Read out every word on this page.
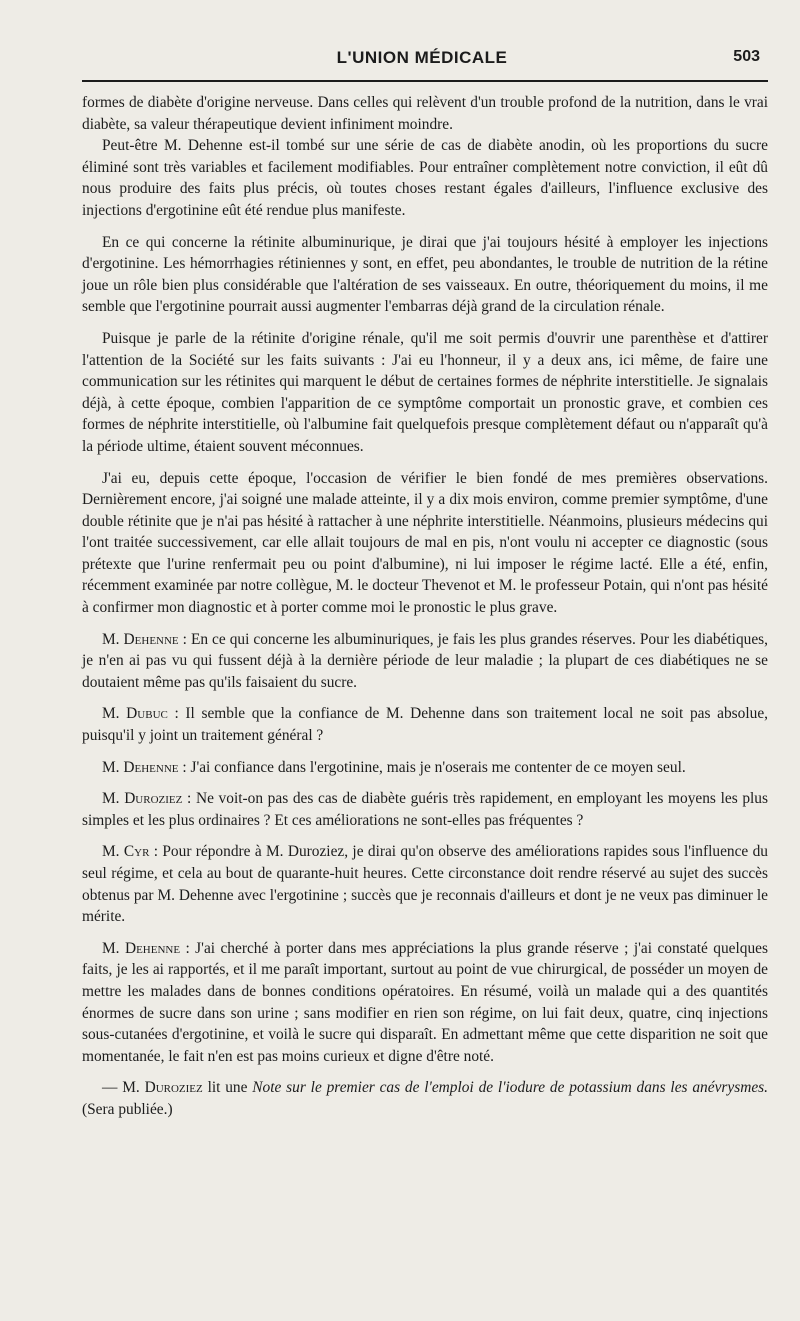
L'UNION MÉDICALE	503

formes de diabète d'origine nerveuse. Dans celles qui relèvent d'un trouble profond de la nutrition, dans le vrai diabète, sa valeur thérapeutique devient infiniment moindre.

Peut-être M. Dehenne est-il tombé sur une série de cas de diabète anodin, où les proportions du sucre éliminé sont très variables et facilement modifiables. Pour entraîner complètement notre conviction, il eût dû nous produire des faits plus précis, où toutes choses restant égales d'ailleurs, l'influence exclusive des injections d'ergotinine eût été rendue plus manifeste.

En ce qui concerne la rétinite albuminurique, je dirai que j'ai toujours hésité à employer les injections d'ergotinine. Les hémorrhagies rétiniennes y sont, en effet, peu abondantes, le trouble de nutrition de la rétine joue un rôle bien plus considérable que l'altération de ses vaisseaux. En outre, théoriquement du moins, il me semble que l'ergotinine pourrait aussi augmenter l'embarras déjà grand de la circulation rénale.

Puisque je parle de la rétinite d'origine rénale, qu'il me soit permis d'ouvrir une parenthèse et d'attirer l'attention de la Société sur les faits suivants : J'ai eu l'honneur, il y a deux ans, ici même, de faire une communication sur les rétinites qui marquent le début de certaines formes de néphrite interstitielle. Je signalais déjà, à cette époque, combien l'apparition de ce symptôme comportait un pronostic grave, et combien ces formes de néphrite interstitielle, où l'albumine fait quelquefois presque complètement défaut ou n'apparaît qu'à la période ultime, étaient souvent méconnues.

J'ai eu, depuis cette époque, l'occasion de vérifier le bien fondé de mes premières observations. Dernièrement encore, j'ai soigné une malade atteinte, il y a dix mois environ, comme premier symptôme, d'une double rétinite que je n'ai pas hésité à rattacher à une néphrite interstitielle. Néanmoins, plusieurs médecins qui l'ont traitée successivement, car elle allait toujours de mal en pis, n'ont voulu ni accepter ce diagnostic (sous prétexte que l'urine renfermait peu ou point d'albumine), ni lui imposer le régime lacté. Elle a été, enfin, récemment examinée par notre collègue, M. le docteur Thevenot et M. le professeur Potain, qui n'ont pas hésité à confirmer mon diagnostic et à porter comme moi le pronostic le plus grave.

M. Dehenne : En ce qui concerne les albuminuriques, je fais les plus grandes réserves. Pour les diabétiques, je n'en ai pas vu qui fussent déjà à la dernière période de leur maladie ; la plupart de ces diabétiques ne se doutaient même pas qu'ils faisaient du sucre.

M. Dubuc : Il semble que la confiance de M. Dehenne dans son traitement local ne soit pas absolue, puisqu'il y joint un traitement général ?

M. Dehenne : J'ai confiance dans l'ergotinine, mais je n'oserais me contenter de ce moyen seul.

M. Duroziez : Ne voit-on pas des cas de diabète guéris très rapidement, en employant les moyens les plus simples et les plus ordinaires ? Et ces améliorations ne sont-elles pas fréquentes ?

M. Cyr : Pour répondre à M. Duroziez, je dirai qu'on observe des améliorations rapides sous l'influence du seul régime, et cela au bout de quarante-huit heures. Cette circonstance doit rendre réservé au sujet des succès obtenus par M. Dehenne avec l'ergotinine ; succès que je reconnais d'ailleurs et dont je ne veux pas diminuer le mérite.

M. Dehenne : J'ai cherché à porter dans mes appréciations la plus grande réserve ; j'ai constaté quelques faits, je les ai rapportés, et il me paraît important, surtout au point de vue chirurgical, de posséder un moyen de mettre les malades dans de bonnes conditions opératoires. En résumé, voilà un malade qui a des quantités énormes de sucre dans son urine ; sans modifier en rien son régime, on lui fait deux, quatre, cinq injections sous-cutanées d'ergotinine, et voilà le sucre qui disparaît. En admettant même que cette disparition ne soit que momentanée, le fait n'en est pas moins curieux et digne d'être noté.

— M. Duroziez lit une Note sur le premier cas de l'emploi de l'iodure de potassium dans les anévrysmes. (Sera publiée.)
